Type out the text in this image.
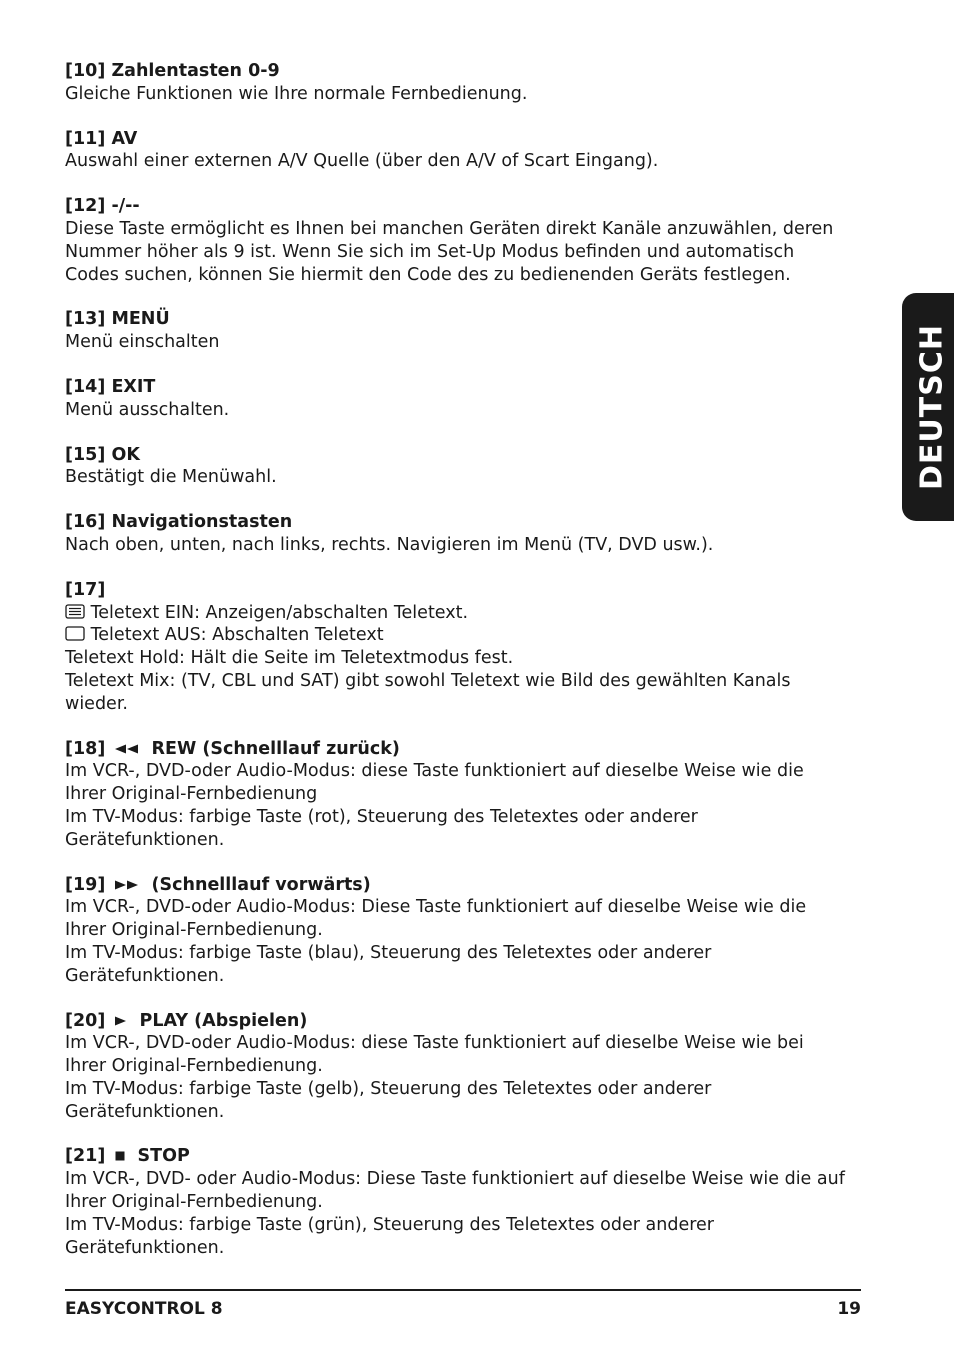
[10] Zahlentasten 0-9
Gleiche Funktionen wie Ihre normale Fernbedienung.
[11] AV
Auswahl einer externen A/V Quelle (über den A/V of Scart Eingang).
[12] -/--
Diese Taste ermöglicht es Ihnen bei manchen Geräten direkt Kanäle anzuwählen, deren
Nummer höher als 9 ist. Wenn Sie sich im Set-Up Modus befinden und automatisch
Codes suchen, können Sie hiermit den Code des zu bedienenden Geräts festlegen.
[13] MENÜ
Menü einschalten
[14] EXIT
Menü ausschalten.
[15] OK
Bestätigt die Menüwahl.
[16] Navigationstasten
Nach oben, unten, nach links, rechts. Navigieren im Menü (TV, DVD usw.).
[17]
Teletext EIN: Anzeigen/abschalten Teletext.
Teletext AUS: Abschalten Teletext
Teletext Hold: Hält die Seite im Teletextmodus fest.
Teletext Mix: (TV, CBL und SAT) gibt sowohl Teletext wie Bild des gewählten Kanals
wieder.
[18]	REW (Schnelllauf zurück)
Im VCR-, DVD-oder Audio-Modus: diese Taste funktioniert auf dieselbe Weise wie die
Ihrer Original-Fernbedienung
Im TV-Modus: farbige Taste (rot), Steuerung des Teletextes oder anderer
Gerätefunktionen.
[19]	(Schnelllauf vorwärts)
Im VCR-, DVD-oder Audio-Modus: Diese Taste funktioniert auf dieselbe Weise wie die
Ihrer Original-Fernbedienung.
Im TV-Modus: farbige Taste (blau), Steuerung des Teletextes oder anderer
Gerätefunktionen.
[20] PLAY (Abspielen)
Im VCR-, DVD-oder Audio-Modus: diese Taste funktioniert auf dieselbe Weise wie bei
Ihrer Original-Fernbedienung.
Im TV-Modus: farbige Taste (gelb), Steuerung des Teletextes oder anderer
Gerätefunktionen.
[21] STOP
Im VCR-, DVD- oder Audio-Modus: Diese Taste funktioniert auf dieselbe Weise wie die auf
Ihrer Original-Fernbedienung.
Im TV-Modus: farbige Taste (grün), Steuerung des Teletextes oder anderer
Gerätefunktionen.
DEUTSCH
EASYCONTROL 8	19
